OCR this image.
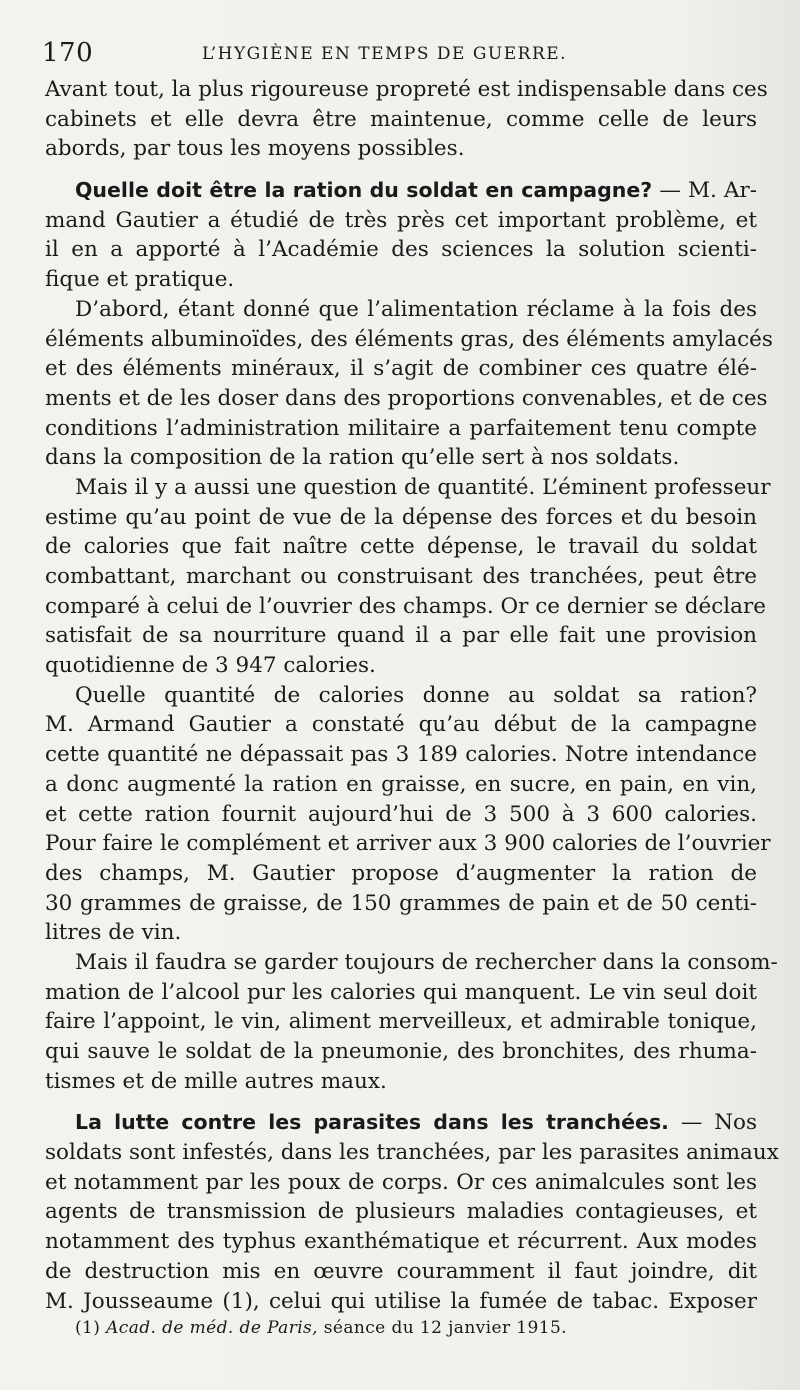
170	L’HYGIÈNE EN TEMPS DE GUERRE.
Avant tout, la plus rigoureuse propreté est indispensable dans ces
cabinets et elle devra être maintenue, comme celle de leurs
abords, par tous les moyens possibles.
Quelle doit être la ration du soldat en campagne? — M. Ar-
mand Gautier a étudié de très près cet important problème, et
il en a apporté à l’Académie des sciences la solution scienti-
fique et pratique.
D’abord, étant donné que l’alimentation réclame à la fois des
éléments albuminoïdes, des éléments gras, des éléments amylacés
et des éléments minéraux, il s’agit de combiner ces quatre élé-
ments et de les doser dans des proportions convenables, et de ces
conditions l’administration militaire a parfaitement tenu compte
dans la composition de la ration qu’elle sert à nos soldats.
Mais il y a aussi une question de quantité. L’éminent professeur
estime qu’au point de vue de la dépense des forces et du besoin
de calories que fait naître cette dépense, le travail du soldat
combattant, marchant ou construisant des tranchées, peut être
comparé à celui de l’ouvrier des champs. Or ce dernier se déclare
satisfait de sa nourriture quand il a par elle fait une provision
quotidienne de 3 947 calories.
Quelle quantité de calories donne au soldat sa ration?
M. Armand Gautier a constaté qu’au début de la campagne
cette quantité ne dépassait pas 3 189 calories. Notre intendance
a donc augmenté la ration en graisse, en sucre, en pain, en vin,
et cette ration fournit aujourd’hui de 3 500 à 3 600 calories.
Pour faire le complément et arriver aux 3 900 calories de l’ouvrier
des champs, M. Gautier propose d’augmenter la ration de
30 grammes de graisse, de 150 grammes de pain et de 50 centi-
litres de vin.
Mais il faudra se garder toujours de rechercher dans la consom-
mation de l’alcool pur les calories qui manquent. Le vin seul doit
faire l’appoint, le vin, aliment merveilleux, et admirable tonique,
qui sauve le soldat de la pneumonie, des bronchites, des rhuma-
tismes et de mille autres maux.
La lutte contre les parasites dans les tranchées. — Nos
soldats sont infestés, dans les tranchées, par les parasites animaux
et notamment par les poux de corps. Or ces animalcules sont les
agents de transmission de plusieurs maladies contagieuses, et
notamment des typhus exanthématique et récurrent. Aux modes
de destruction mis en œuvre couramment il faut joindre, dit
M. Jousseaume (1), celui qui utilise la fumée de tabac. Exposer
(1) Acad. de méd. de Paris, séance du 12 janvier 1915.
